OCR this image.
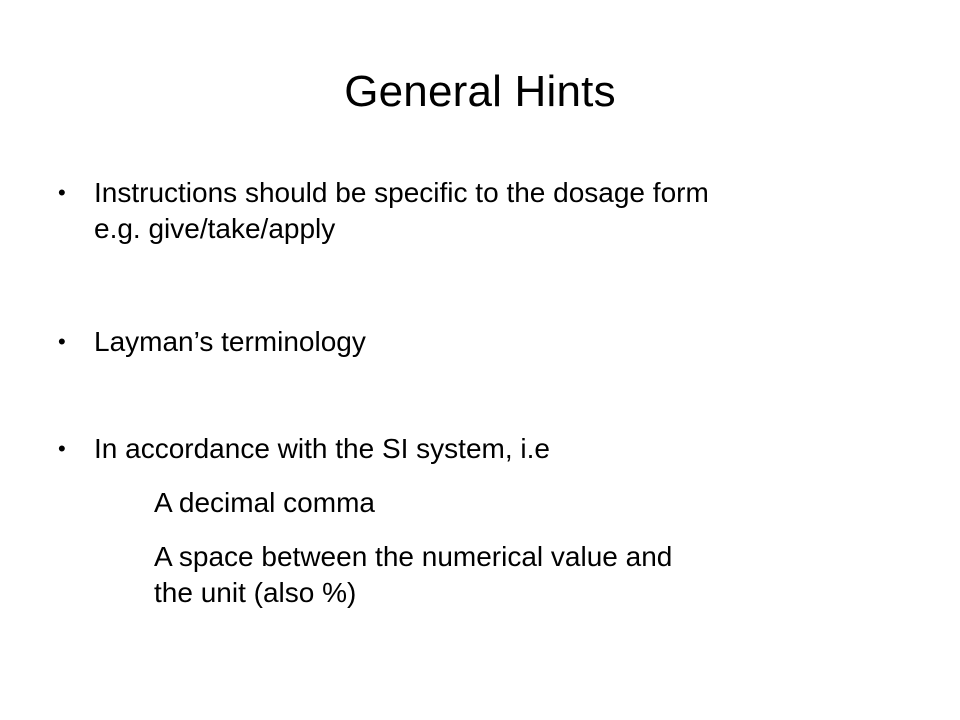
General Hints
•	Instructions should be specific to the dosage form
e.g. give/take/apply
•	Layman’s terminology
•	In accordance with the SI system, i.e
A decimal comma
A space between the numerical value and
the unit (also %)
